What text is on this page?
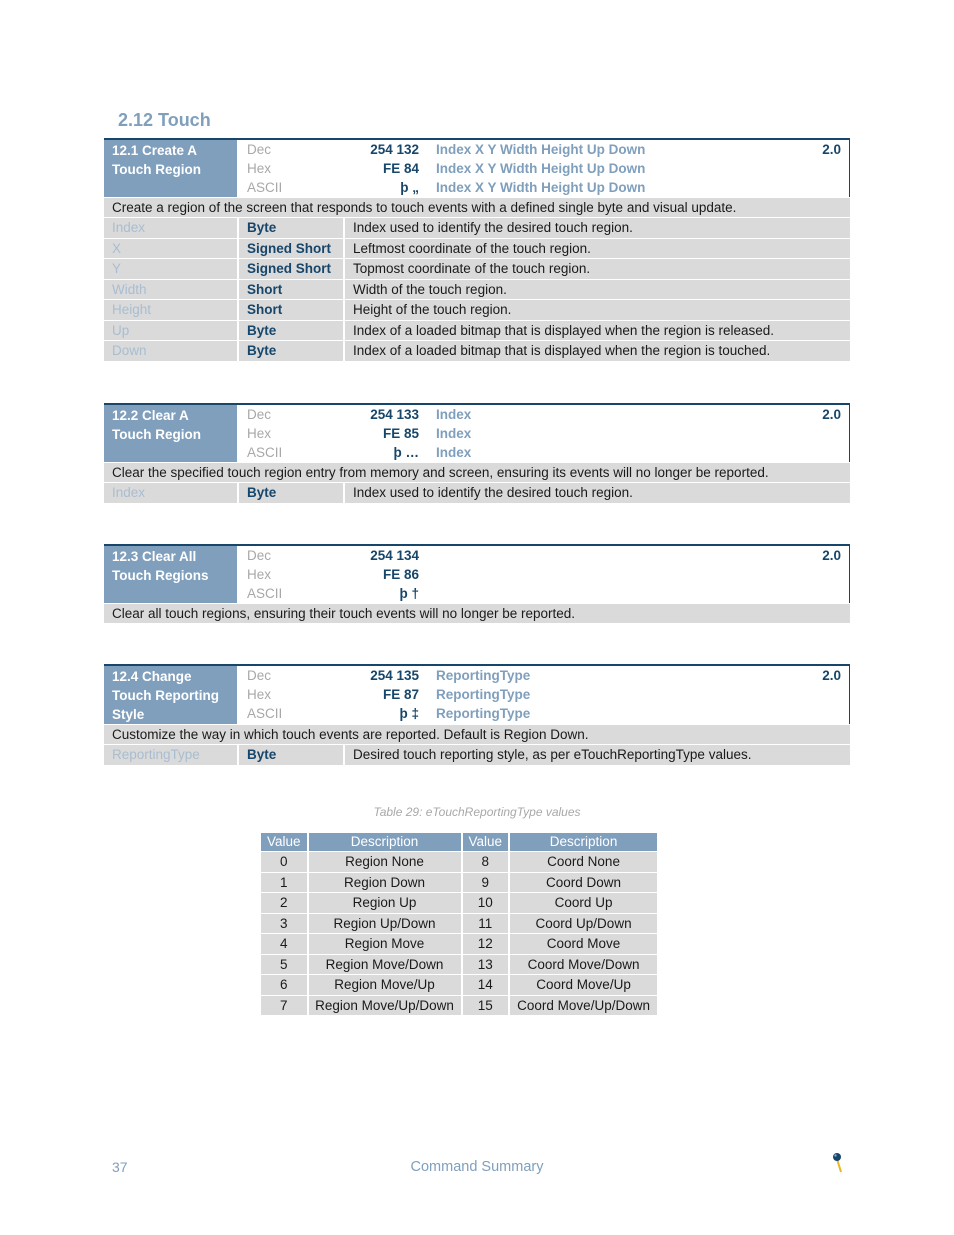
2.12 Touch
12.1 Create A
Touch Region
Dec	254 132	Index X Y Width Height Up Down
Hex	FE 84	Index X Y Width Height Up Down
ASCII	þ „	Index X Y Width Height Up Down
2.0
Create a region of the screen that responds to touch events with a defined single byte and visual update.
Index	Byte	Index used to identify the desired touch region.
X	Signed Short	Leftmost coordinate of the touch region.
Y	Signed Short	Topmost coordinate of the touch region.
Width	Short	Width of the touch region.
Height	Short	Height of the touch region.
Up	Byte	Index of a loaded bitmap that is displayed when the region is released.
Down	Byte	Index of a loaded bitmap that is displayed when the region is touched.
12.2 Clear A
Touch Region
Dec	254 133	Index
Hex	FE 85	Index
ASCII	þ …	Index
2.0
Clear the specified touch region entry from memory and screen, ensuring its events will no longer be reported.
Index	Byte	Index used to identify the desired touch region.
12.3 Clear All
Touch Regions
Dec	254 134
Hex	FE 86
ASCII	þ †
2.0
Clear all touch regions, ensuring their touch events will no longer be reported.
12.4 Change
Touch Reporting
Style
Dec	254 135	ReportingType
Hex	FE 87	ReportingType
ASCII	þ ‡	ReportingType
2.0
Customize the way in which touch events are reported. Default is Region Down.
ReportingType	Byte	Desired touch reporting style, as per eTouchReportingType values.
Table 29: eTouchReportingType values
Value	Description	Value	Description
0	Region None	8	Coord None
1	Region Down	9	Coord Down
2	Region Up	10	Coord Up
3	Region Up/Down	11	Coord Up/Down
4	Region Move	12	Coord Move
5	Region Move/Down	13	Coord Move/Down
6	Region Move/Up	14	Coord Move/Up
7	Region Move/Up/Down	15	Coord Move/Up/Down
37	Command Summary
